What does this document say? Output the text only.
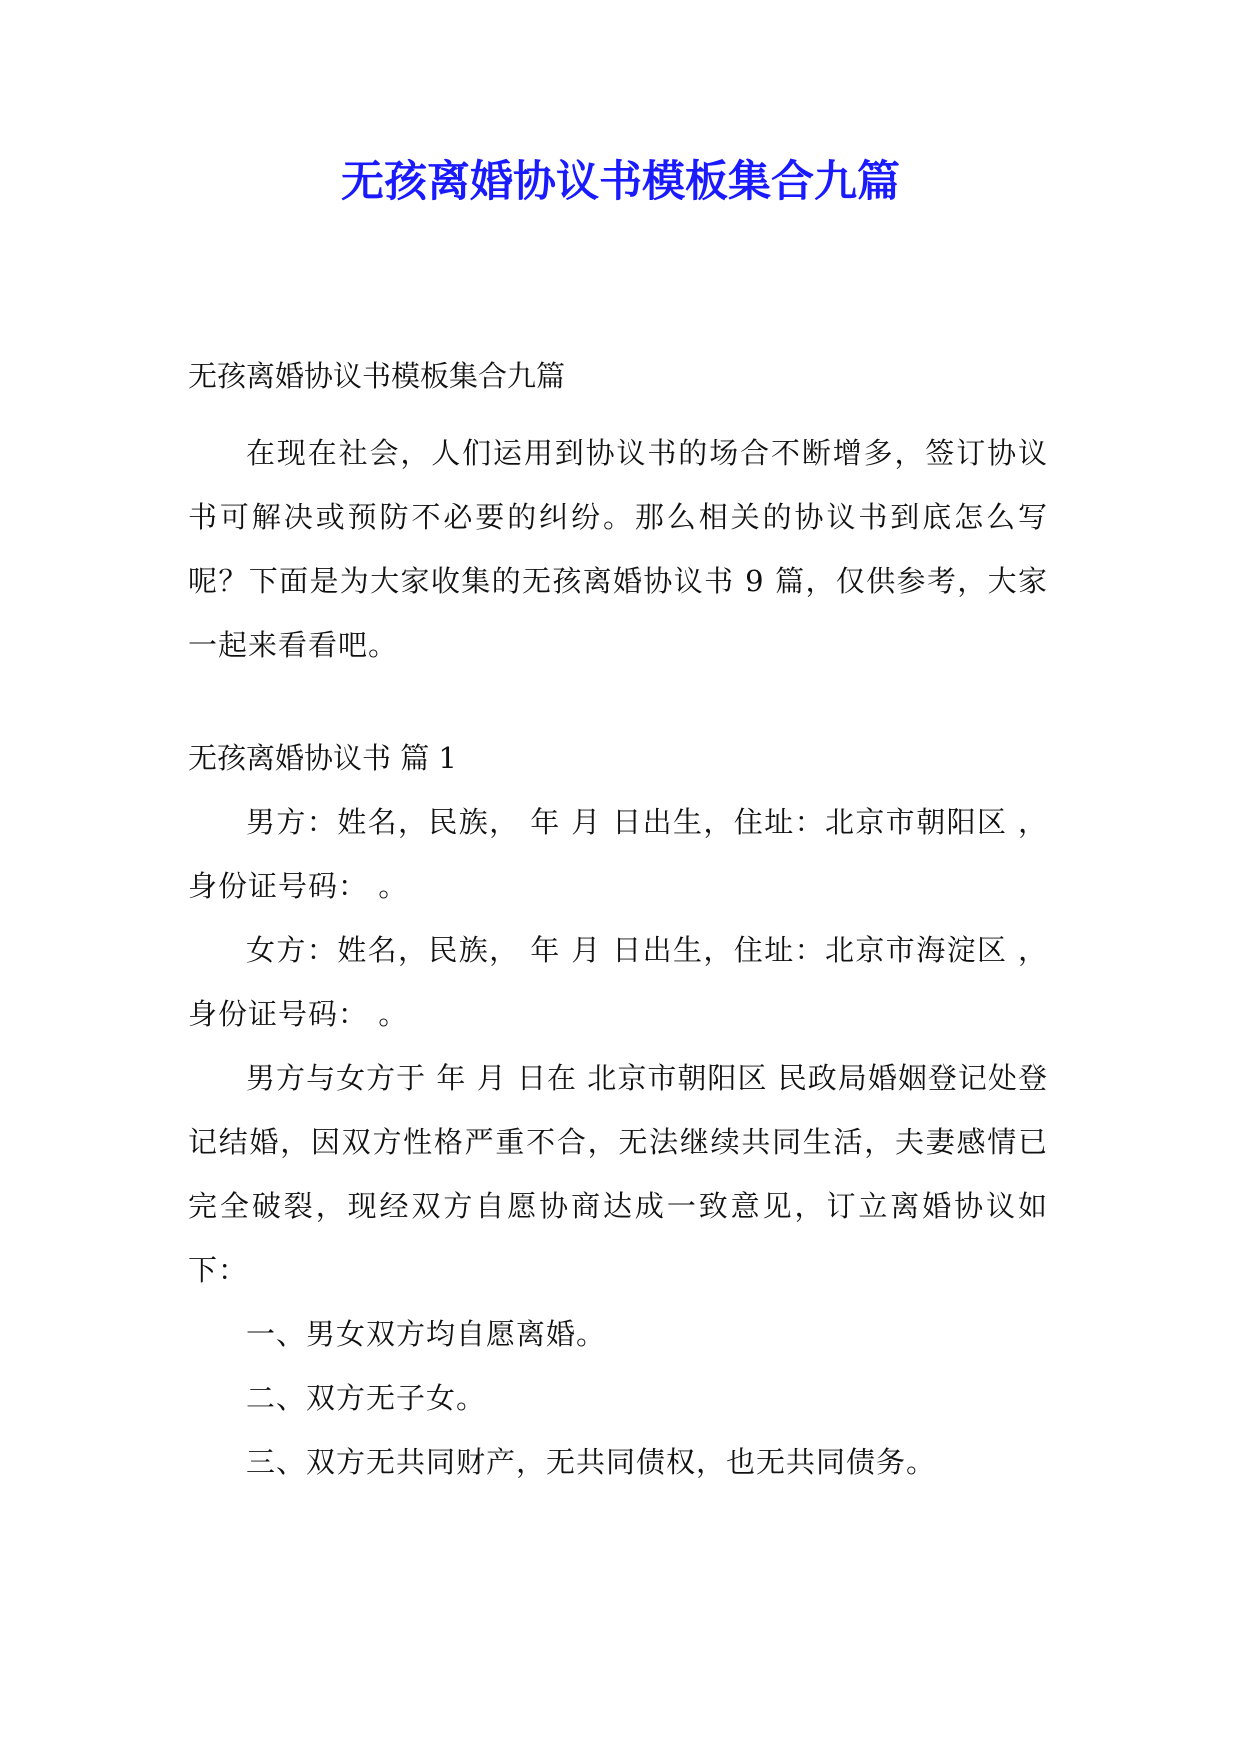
无孩离婚协议书模板集合九篇

无孩离婚协议书模板集合九篇

在现在社会，人们运用到协议书的场合不断增多，签订协议书可解决或预防不必要的纠纷。那么相关的协议书到底怎么写呢？下面是为大家收集的无孩离婚协议书 9 篇，仅供参考，大家一起来看看吧。

无孩离婚协议书 篇 1

男方：姓名，民族， 年 月 日出生，住址：北京市朝阳区 ，身份证号码： 。

女方：姓名，民族， 年 月 日出生，住址：北京市海淀区 ，身份证号码： 。

男方与女方于 年 月 日在 北京市朝阳区 民政局婚姻登记处登记结婚，因双方性格严重不合，无法继续共同生活，夫妻感情已完全破裂，现经双方自愿协商达成一致意见，订立离婚协议如下：

一、男女双方均自愿离婚。

二、双方无子女。

三、双方无共同财产，无共同债权，也无共同债务。
